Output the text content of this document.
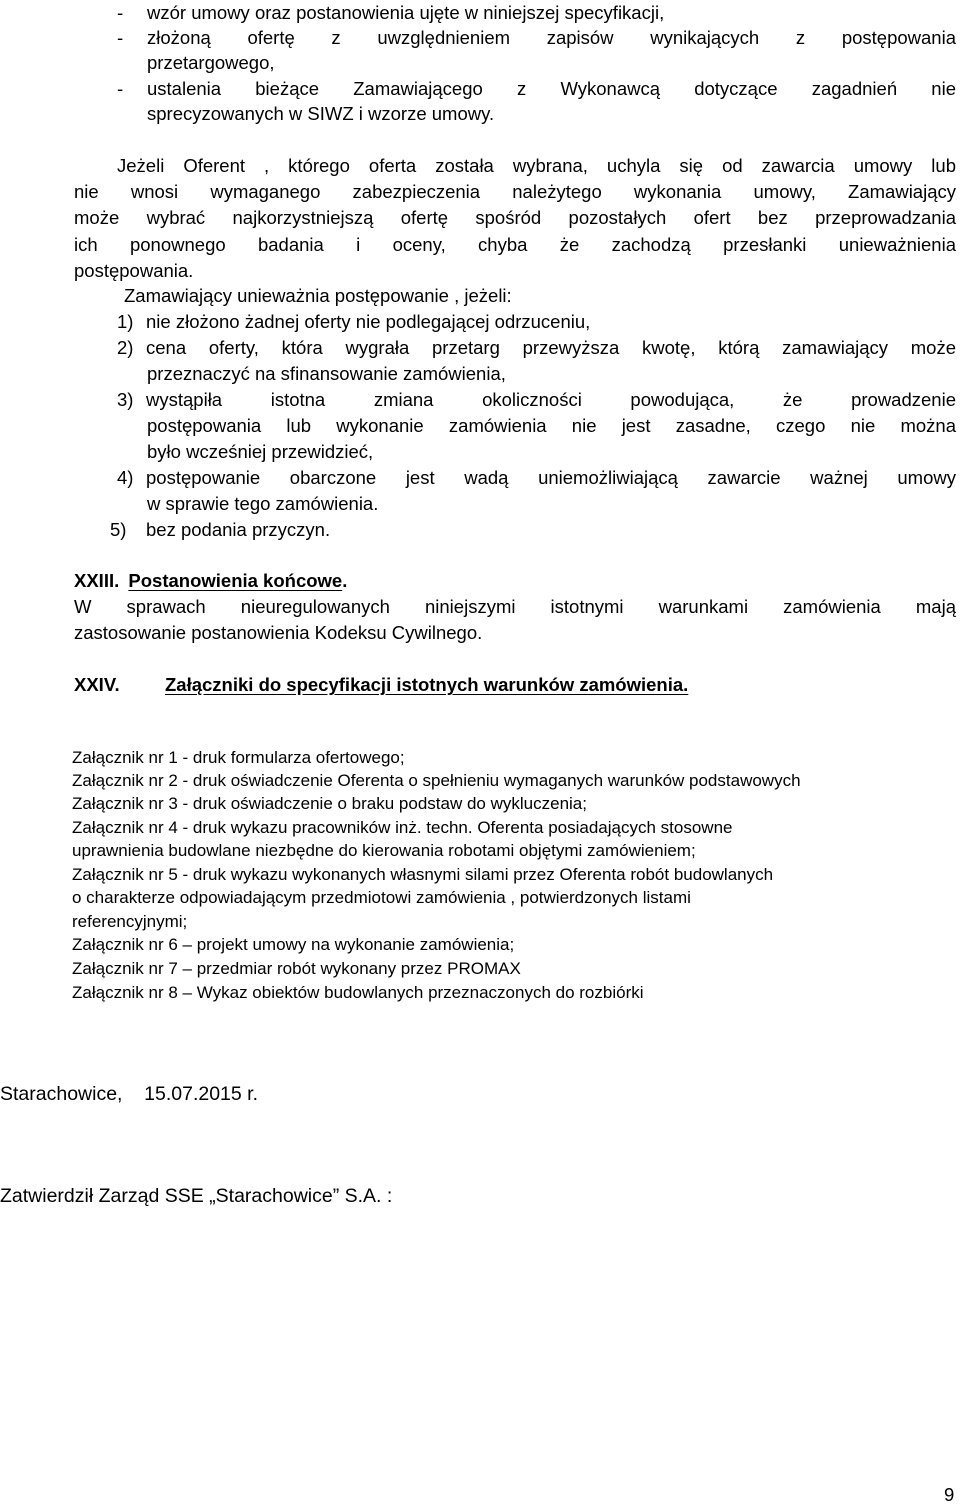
- wzór umowy oraz postanowienia ujęte w niniejszej specyfikacji,
- złożoną ofertę z uwzględnieniem zapisów wynikających z postępowania
przetargowego,
- ustalenia bieżące Zamawiającego z Wykonawcą dotyczące zagadnień nie
sprecyzowanych w SIWZ i wzorze umowy.
Jeżeli Oferent , którego oferta została wybrana, uchyla się od zawarcia umowy lub
nie wnosi wymaganego zabezpieczenia należytego wykonania umowy, Zamawiający
może wybrać najkorzystniejszą ofertę spośród pozostałych ofert bez przeprowadzania
ich ponownego badania i oceny, chyba że zachodzą przesłanki unieważnienia
postępowania.
Zamawiający unieważnia postępowanie , jeżeli:
1) nie złożono żadnej oferty nie podlegającej odrzuceniu,
2) cena oferty, która wygrała przetarg przewyższa kwotę, którą zamawiający może
przeznaczyć na sfinansowanie zamówienia,
3) wystąpiła istotna zmiana okoliczności powodująca, że prowadzenie
postępowania lub wykonanie zamówienia nie jest zasadne, czego nie można
było wcześniej przewidzieć,
4) postępowanie obarczone jest wadą uniemożliwiającą zawarcie ważnej umowy
w sprawie tego zamówienia.
5) bez podania przyczyn.
XXIII. Postanowienia końcowe.
W sprawach nieuregulowanych niniejszymi istotnymi warunkami zamówienia mają
zastosowanie postanowienia Kodeksu Cywilnego.
XXIV. Załączniki do specyfikacji istotnych warunków zamówienia.
Załącznik nr 1 - druk formularza ofertowego;
Załącznik nr 2 - druk oświadczenie Oferenta o spełnieniu wymaganych warunków podstawowych
Załącznik nr 3 - druk oświadczenie o braku podstaw do wykluczenia;
Załącznik nr 4 - druk wykazu pracowników inż. techn. Oferenta posiadających stosowne
uprawnienia budowlane niezbędne do kierowania robotami objętymi zamówieniem;
Załącznik nr 5 - druk wykazu wykonanych własnymi silami przez Oferenta robót budowlanych
o charakterze odpowiadającym przedmiotowi zamówienia , potwierdzonych listami
referencyjnymi;
Załącznik nr 6 – projekt umowy na wykonanie zamówienia;
Załącznik nr 7 – przedmiar robót wykonany przez PROMAX
Załącznik nr 8 – Wykaz obiektów budowlanych przeznaczonych do rozbiórki
Starachowice,    15.07.2015 r.
Zatwierdził Zarząd SSE „Starachowice” S.A. :
9
